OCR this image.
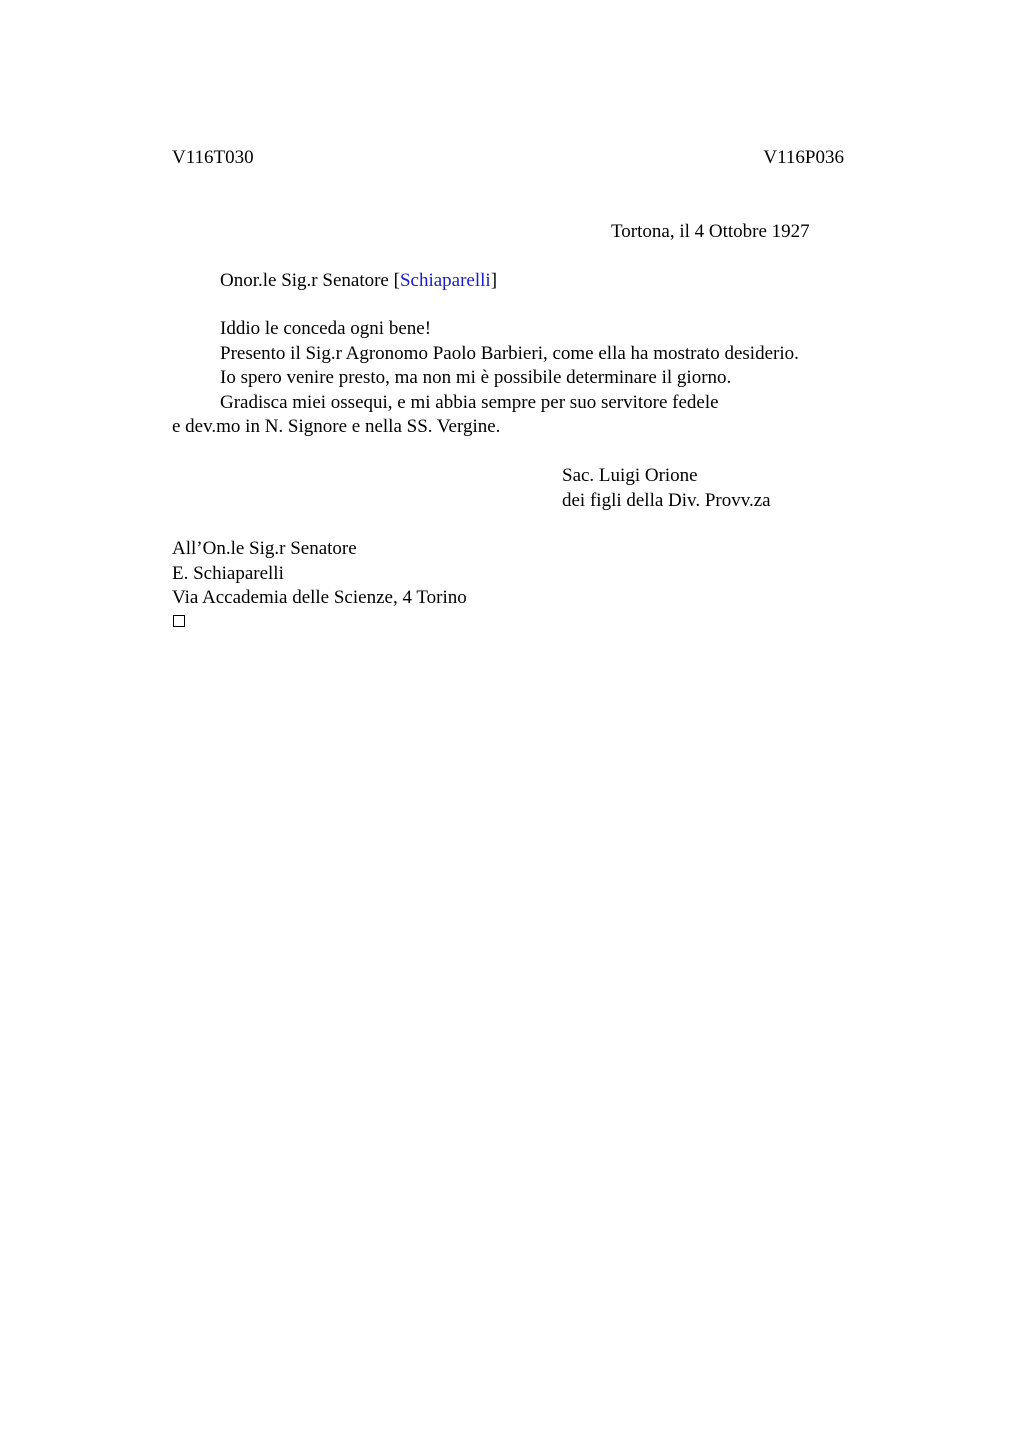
V116T030	V116P036
Tortona, il 4 Ottobre 1927
Onor.le Sig.r Senatore [Schiaparelli]
Iddio le conceda ogni bene!
Presento il Sig.r Agronomo Paolo Barbieri, come ella ha mostrato desiderio.
Io spero venire presto, ma non mi è possibile determinare il giorno.
Gradisca miei ossequi, e mi abbia sempre per suo servitore fedele
e dev.mo in N. Signore e nella SS. Vergine.
Sac. Luigi Orione
dei figli della Div. Provv.za
All’On.le Sig.r Senatore
E. Schiaparelli
Via Accademia delle Scienze, 4 Torino
